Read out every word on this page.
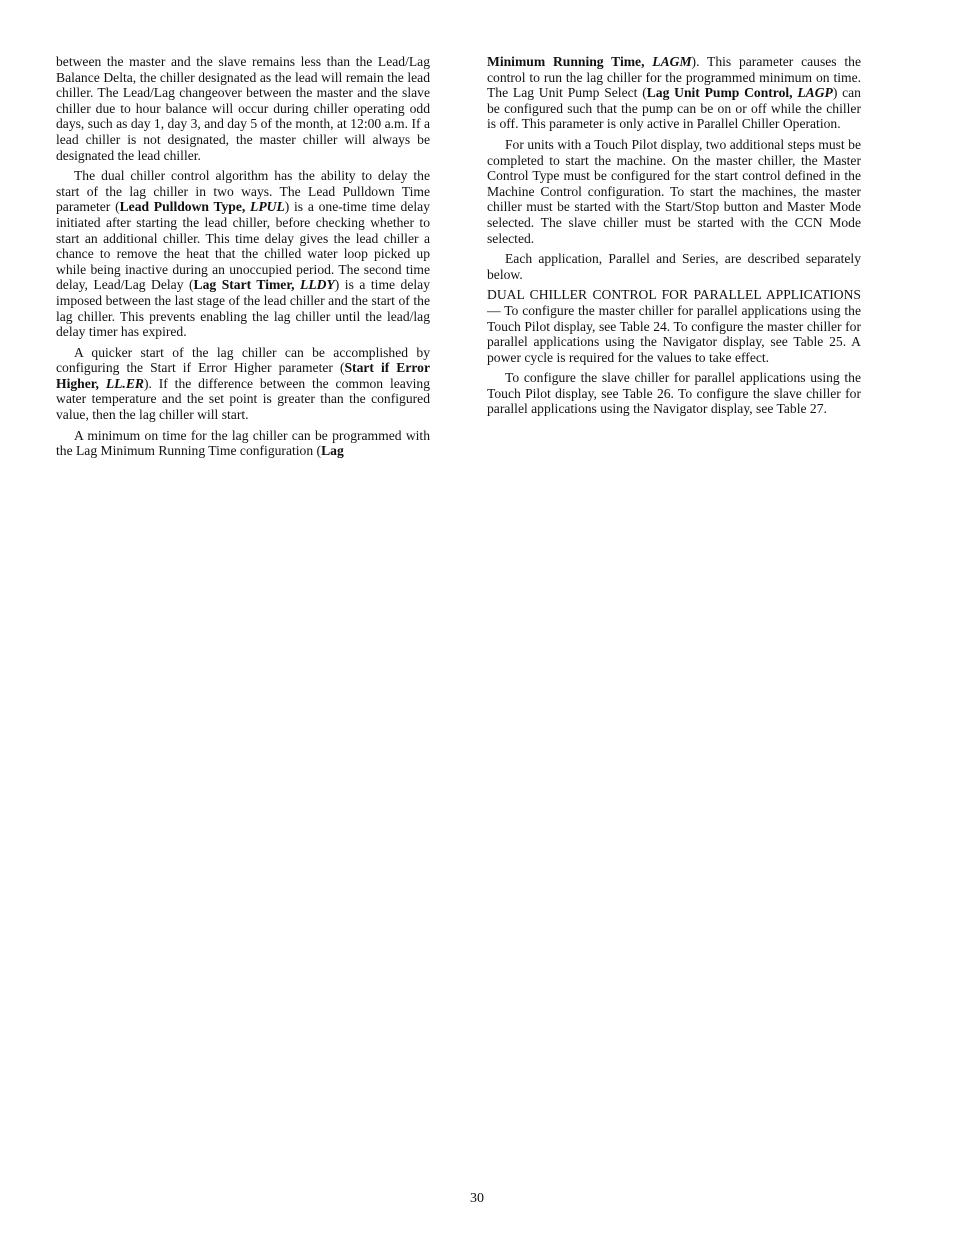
between the master and the slave remains less than the Lead/Lag Balance Delta, the chiller designated as the lead will remain the lead chiller. The Lead/Lag changeover between the master and the slave chiller due to hour balance will occur during chiller operating odd days, such as day 1, day 3, and day 5 of the month, at 12:00 a.m. If a lead chiller is not designated, the master chiller will always be designated the lead chiller.

The dual chiller control algorithm has the ability to delay the start of the lag chiller in two ways. The Lead Pulldown Time parameter (Lead Pulldown Type, LPUL) is a one-time time delay initiated after starting the lead chiller, before checking whether to start an additional chiller. This time delay gives the lead chiller a chance to remove the heat that the chilled water loop picked up while being inactive during an unoccupied period. The second time delay, Lead/Lag Delay (Lag Start Timer, LLDY) is a time delay imposed between the last stage of the lead chiller and the start of the lag chiller. This prevents enabling the lag chiller until the lead/lag delay timer has expired.

A quicker start of the lag chiller can be accomplished by configuring the Start if Error Higher parameter (Start if Error Higher, LL.ER). If the difference between the common leaving water temperature and the set point is greater than the configured value, then the lag chiller will start.

A minimum on time for the lag chiller can be programmed with the Lag Minimum Running Time configuration (Lag

Minimum Running Time, LAGM). This parameter causes the control to run the lag chiller for the programmed minimum on time. The Lag Unit Pump Select (Lag Unit Pump Control, LAGP) can be configured such that the pump can be on or off while the chiller is off. This parameter is only active in Parallel Chiller Operation.

For units with a Touch Pilot display, two additional steps must be completed to start the machine. On the master chiller, the Master Control Type must be configured for the start control defined in the Machine Control configuration. To start the machines, the master chiller must be started with the Start/Stop button and Master Mode selected. The slave chiller must be started with the CCN Mode selected.

Each application, Parallel and Series, are described separately below.

DUAL CHILLER CONTROL FOR PARALLEL APPLICATIONS — To configure the master chiller for parallel applications using the Touch Pilot display, see Table 24. To configure the master chiller for parallel applications using the Navigator display, see Table 25. A power cycle is required for the values to take effect.

To configure the slave chiller for parallel applications using the Touch Pilot display, see Table 26. To configure the slave chiller for parallel applications using the Navigator display, see Table 27.

30
